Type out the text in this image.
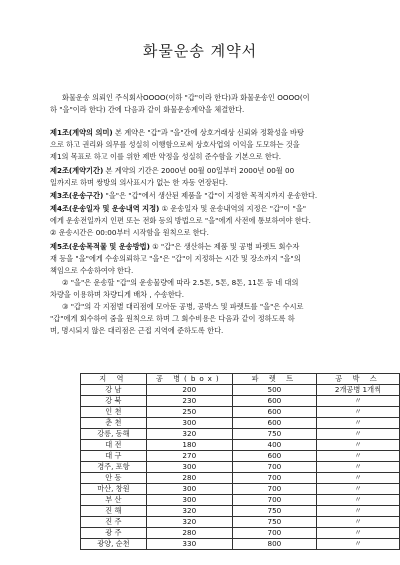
화물운송 계약서
화물운송 의뢰인 주식회사OOOO(이하 "갑"이라 한다)과 화물운송인 OOOO(이
하 "을"이라 한다) 간에 다음과 같이 화물운송계약을 체결한다.
제1조(계약의 의미) 본 계약은 "갑"과 "을"간에 상호거래상 신뢰와 정확성을 바탕
으로 하고 권리와 의무를 성실히 이행함으로써 상호사업의 이익을 도모하는 것을
제1의 목표로 하고 이를 위한 제반 약정을 성실히 준수함을 기본으로 한다.
제2조(계약기간) 본 계약의 기간은 2000년 00월 00일부터 2000년 00월 00
일까지로 하며 쌍방의 의사표시가 없는 한 자동 연장된다.
제3조(운송구간) "을"은 "갑"에서 생산된 제품을 "갑"이 지정한 목적지까지 운송한다.
제4조(운송일자 및 운송내역 지정) ① 운송일자 및 운송내역의 지정은 "갑"이 "을"
에게 운송전일까지 인편 또는 전화 등의 방법으로 "을"에게 사전에 통보하여야 한다.
② 운송시간은 00:00부터 시작함을 원칙으로 한다.
제5조(운송목적물 및 운송방법) ① "갑"은 생산하는 제품 및 공병 파렛트 회수자
재 등을 "을"에게 수송의뢰하고 "을"은 "갑"이 지정하는 시간 및 장소까지 "을"의
책임으로 수송하여야 한다.
② "을"은 운송할 "갑"의 운송물량에 따라 2.5톤, 5톤, 8톤, 11톤 등 네 대의
차량을 이용하며 차량디게 배차 , 수송한다.
③ "갑"의 각 지점별 대리점에 모아둔 공병, 공박스 및 파렛트를 "을"은 수시로
"갑"에게 회수하여 줌을 원칙으로 하며 그 회수비용은 다음과 같이 정하도록 하
며, 명시되지 않은 대리점은 근접 지역에 준하도록 한다.
지 역	공 병(box)	파 렛 트	공 박 스
강 남	200	500	2개공병 1개씩
강 북	230	600	〃
인 천	250	600	〃
춘 천	300	600	〃
강릉, 동해	320	750	〃
대 전	180	400	〃
대 구	270	600	〃
경주, 포항	300	700	〃
안 동	280	700	〃
마산, 창원	300	700	〃
부 산	300	700	〃
진 해	320	750	〃
진 주	320	750	〃
광 주	280	700	〃
광양, 순천	330	800	〃
